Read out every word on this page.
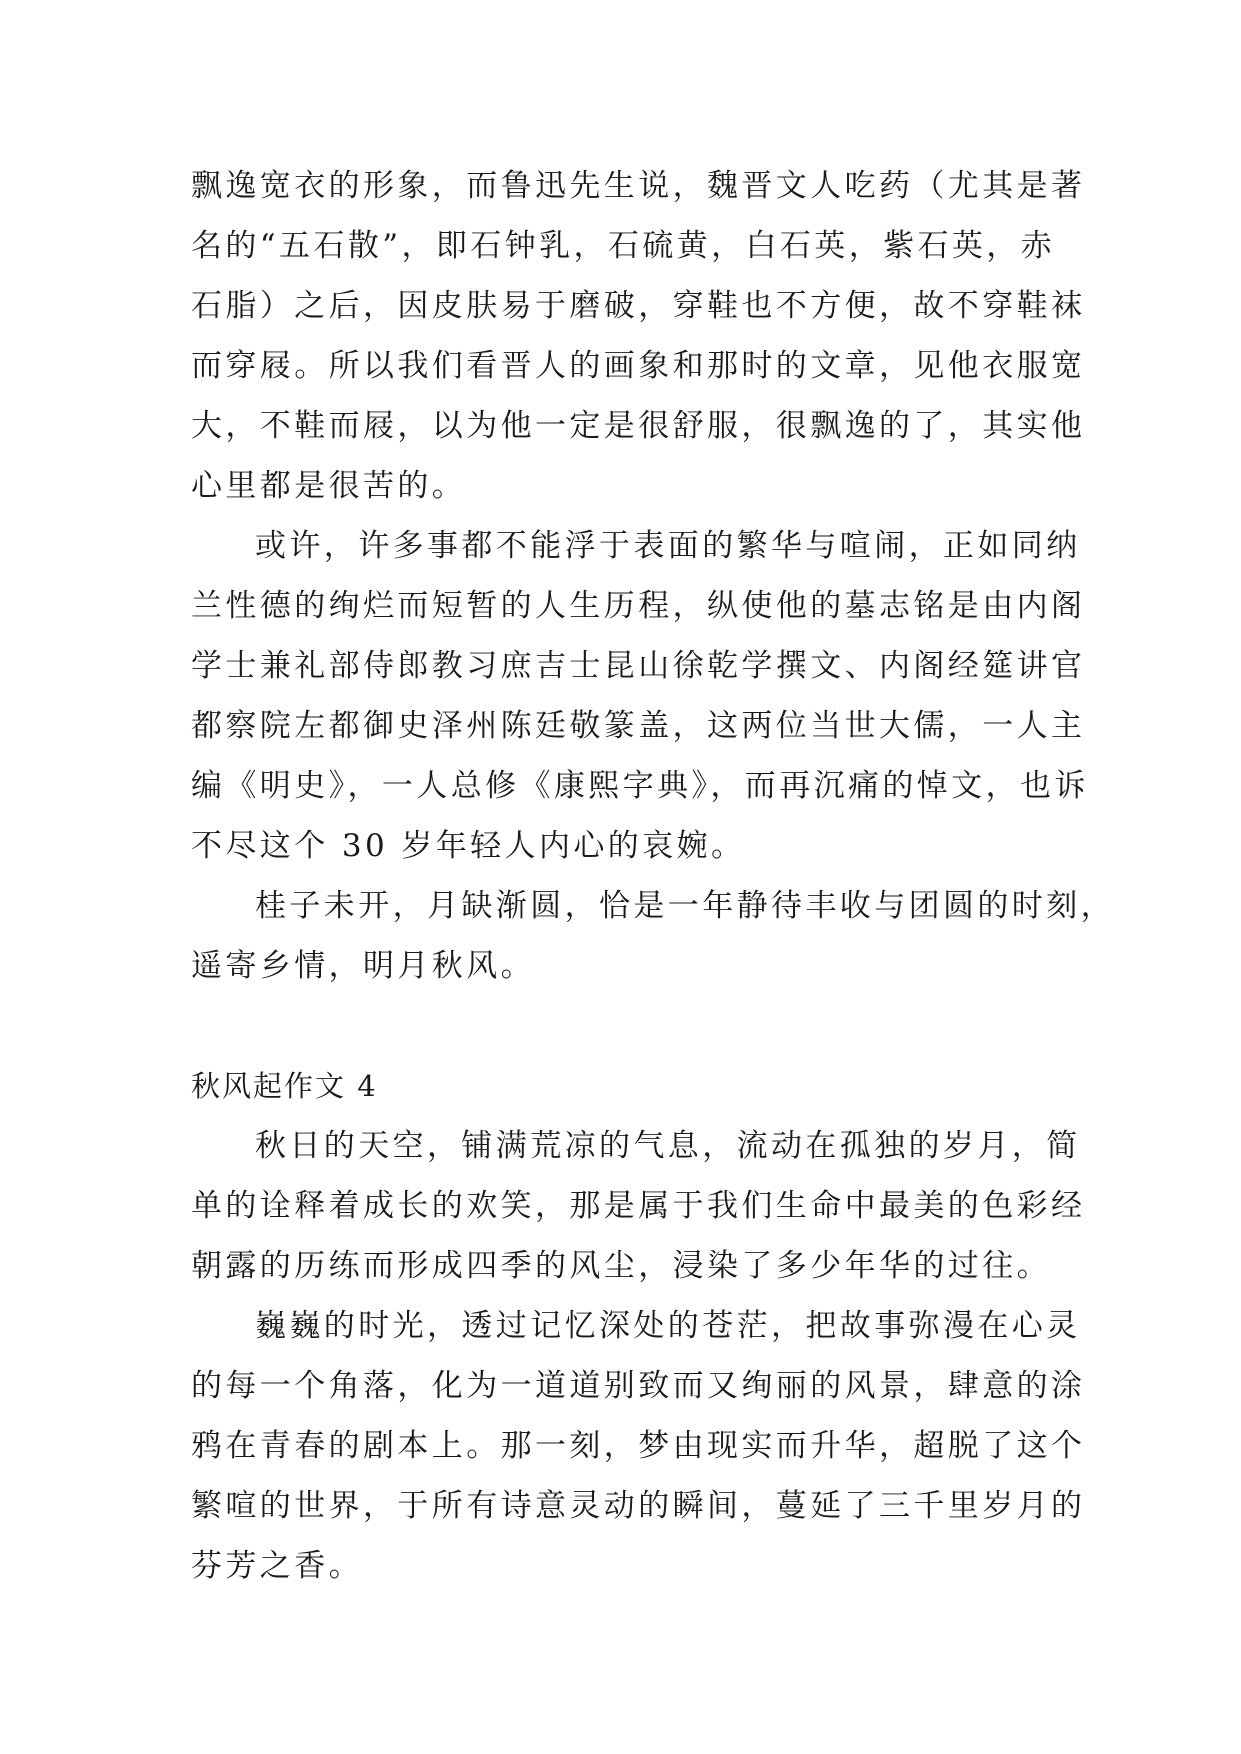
飘逸宽衣的形象，而鲁迅先生说，魏晋文人吃药（尤其是著
名的“五石散”，即石钟乳，石硫黄，白石英，紫石英，赤
石脂）之后，因皮肤易于磨破，穿鞋也不方便，故不穿鞋袜
而穿屐。所以我们看晋人的画象和那时的文章，见他衣服宽
大，不鞋而屐，以为他一定是很舒服，很飘逸的了，其实他
心里都是很苦的。
或许，许多事都不能浮于表面的繁华与喧闹，正如同纳
兰性德的绚烂而短暂的人生历程，纵使他的墓志铭是由内阁
学士兼礼部侍郎教习庶吉士昆山徐乾学撰文、内阁经筵讲官
都察院左都御史泽州陈廷敬篆盖，这两位当世大儒，一人主
编《明史》，一人总修《康熙字典》，而再沉痛的悼文，也诉
不尽这个 30 岁年轻人内心的哀婉。
桂子未开，月缺渐圆，恰是一年静待丰收与团圆的时刻，
遥寄乡情，明月秋风。
秋风起作文 4
秋日的天空，铺满荒凉的气息，流动在孤独的岁月，简
单的诠释着成长的欢笑，那是属于我们生命中最美的色彩经
朝露的历练而形成四季的风尘，浸染了多少年华的过往。
巍巍的时光，透过记忆深处的苍茫，把故事弥漫在心灵
的每一个角落，化为一道道别致而又绚丽的风景，肆意的涂
鸦在青春的剧本上。那一刻，梦由现实而升华，超脱了这个
繁喧的世界，于所有诗意灵动的瞬间，蔓延了三千里岁月的
芬芳之香。
